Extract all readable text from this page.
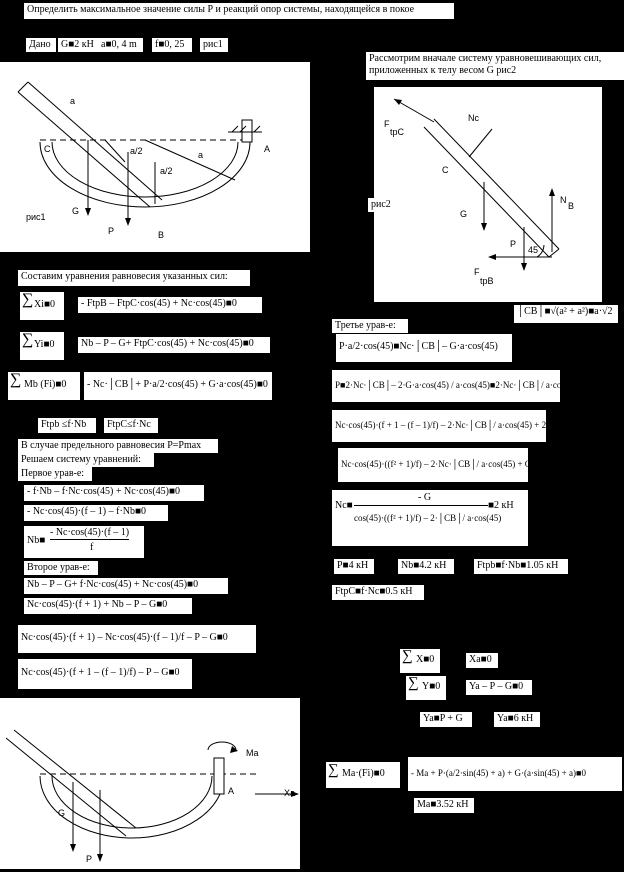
Определить максимальное значение силы Р и реакций опор системы, находящейся в покое
Дано	G■2 кН a■0, 4 m	f■0, 25	рис1
a
C	a/2
a/2
a
A
G
P	B
рис1
Рассмотрим вначале систему уравновешивающих сил,
приложенных к телу весом G рис2
F
tpC
Nc
C
G
N
B
P
45
F
tpB
рис2
Составим уравнения равновесия указанных сил:
∑ Xi■0	- FtpB – FtpC·cos(45) + Nc·cos(45)■0
∑ Yi■0	Nb – P – G+ FtpC·cos(45) + Nc·cos(45)■0
∑ Mb (Fi)■0	- Nc·│CB│+ P·a/2·cos(45) + G·a·cos(45)■0
Ftpb ≤f·Nb	FtpC≤f·Nc
В случае предельного равновесия P=Pmax
Решаем систему уравнений:
Первое урав-е:
- f·Nb – f·Nc·cos(45) + Nc·cos(45)■0
- Nc·cos(45)·(f – 1) – f·Nb■0
Nb■
- Nc·cos(45)·(f – 1)
f
Второе урав-е:
Nb – P – G+ f·Nc·cos(45) + Nc·cos(45)■0
Nc·cos(45)·(f + 1) + Nb – P – G■0
Nc·cos(45)·(f + 1) – Nc·cos(45)·(f – 1)/f – P – G■0
Nc·cos(45)·(f + 1 – (f – 1)/f) – P – G■0
│CB│■√(a² + a²)■a·√2
Третье урав-е:
P·a/2·cos(45)■Nc·│CB│– G·a·cos(45)
P■2·Nc·│CB│– 2·G·a·cos(45) / a·cos(45)■2·Nc·│CB│/ a·cos(45) – 2·G
Nc·cos(45)·(f + 1 – (f – 1)/f) – 2·Nc·│CB│/ a·cos(45) + 2·G – G■0
Nc·cos(45)·((f² + 1)/f) – 2·Nc·│CB│/ a·cos(45) + G■0
Nc■
- G
cos(45)·((f² + 1)/f) – 2·│CB│/ a·cos(45)
■2 кН
P■4 кН	Nb■4.2 кН	Ftpb■f·Nb■1.05 кН
FtpC■f·Nc■0.5 кН
Ma
A	Xa
G
P
∑ X■0	Xa■0
∑ Y■0	Ya – P – G■0
Ya■P + G	Ya■6 кН
∑ Ma·(Fi)■0	- Ma + P·(a/2·sin(45) + a) + G·(a·sin(45) + a)■0
Ma■3.52 кН
